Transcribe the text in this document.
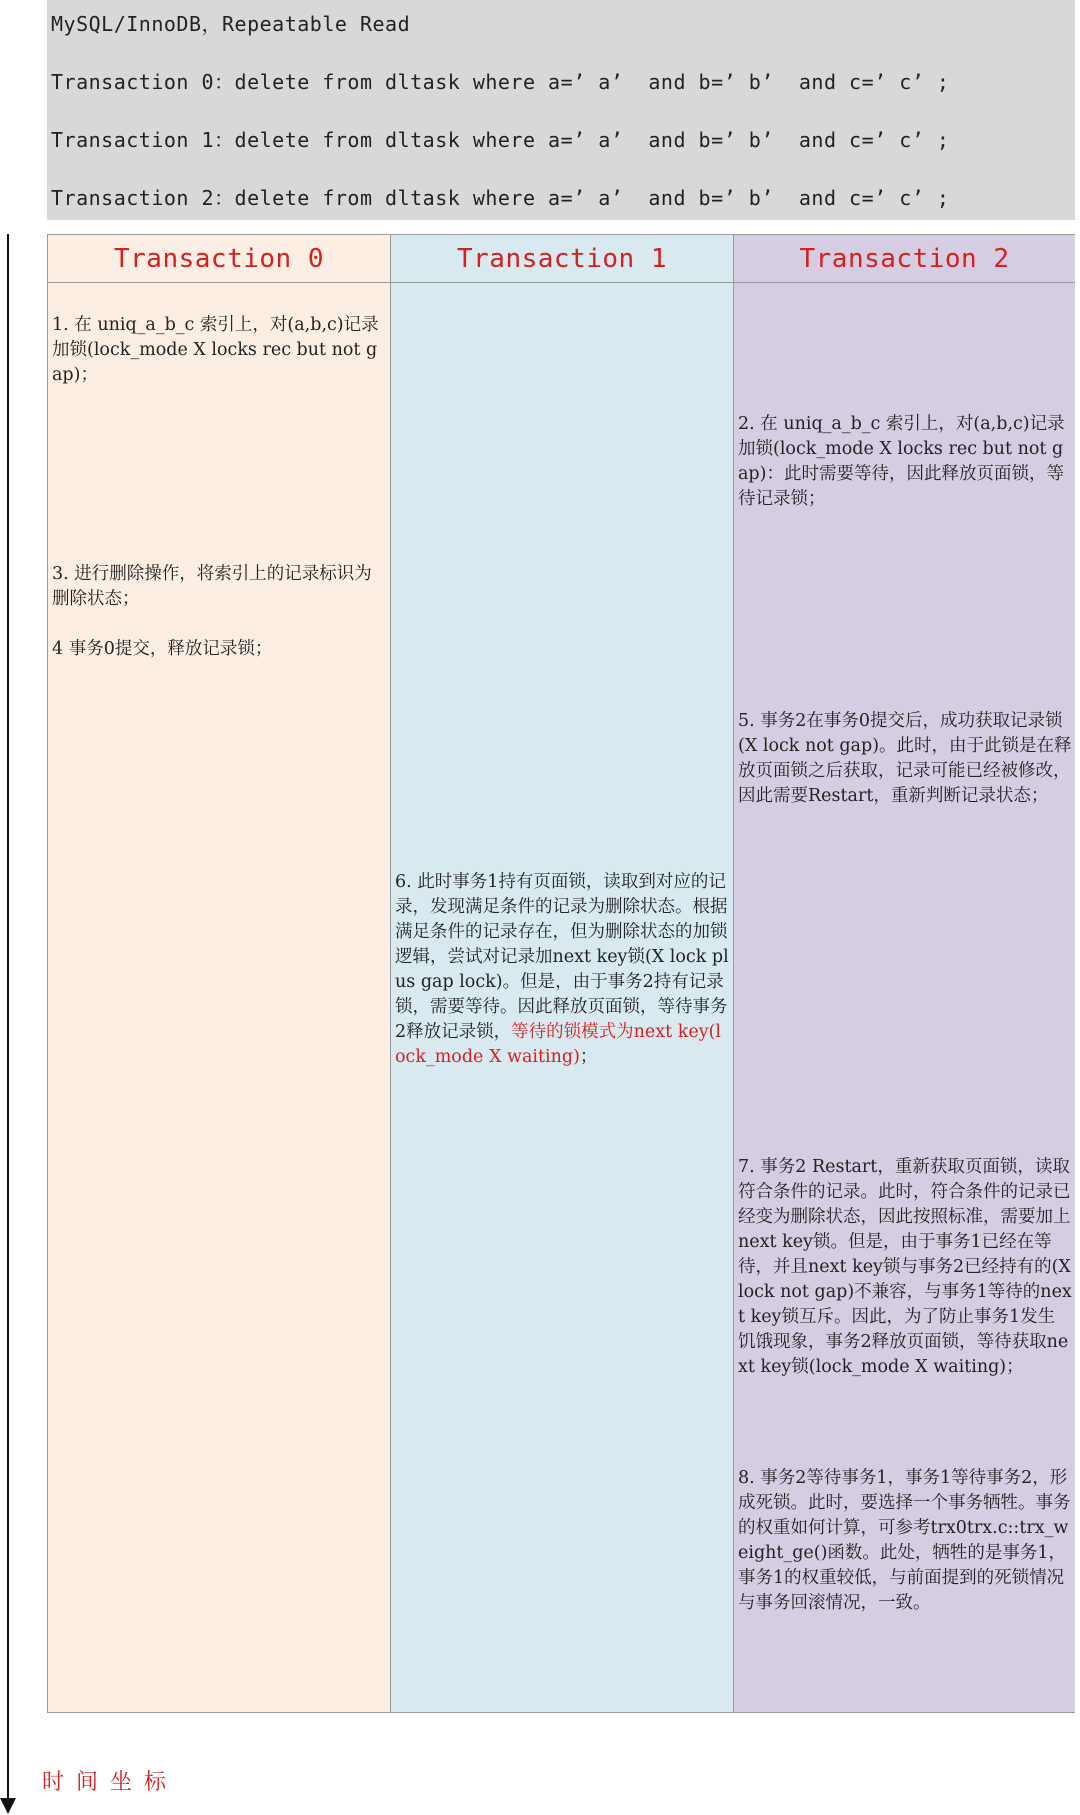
MySQL/InnoDB，Repeatable Read
Transaction 0：delete from dltask where a=’ a’  and b=’ b’  and c=’ c’ ;
Transaction 1：delete from dltask where a=’ a’  and b=’ b’  and c=’ c’ ;
Transaction 2：delete from dltask where a=’ a’  and b=’ b’  and c=’ c’ ;
时间坐标
Transaction 0
1. 在 uniq_a_b_c 索引上，对(a,b,c)记录加锁(lock_mode X locks rec but not gap)；
3. 进行删除操作，将索引上的记录标识为删除状态；
4 事务0提交，释放记录锁；
Transaction 1
6. 此时事务1持有页面锁，读取到对应的记录，发现满足条件的记录为删除状态。根据满足条件的记录存在，但为删除状态的加锁逻辑，尝试对记录加next key锁(X lock plus gap lock)。但是，由于事务2持有记录锁，需要等待。因此释放页面锁，等待事务2释放记录锁，等待的锁模式为next key(lock_mode X waiting)；
Transaction 2
2. 在 uniq_a_b_c 索引上，对(a,b,c)记录加锁(lock_mode X locks rec but not gap)：此时需要等待，因此释放页面锁，等待记录锁；
5. 事务2在事务0提交后，成功获取记录锁(X lock not gap)。此时，由于此锁是在释放页面锁之后获取，记录可能已经被修改，因此需要Restart，重新判断记录状态；
7. 事务2 Restart，重新获取页面锁，读取符合条件的记录。此时，符合条件的记录已经变为删除状态，因此按照标准，需要加上next key锁。但是，由于事务1已经在等待，并且next key锁与事务2已经持有的(X lock not gap)不兼容，与事务1等待的next key锁互斥。因此，为了防止事务1发生饥饿现象，事务2释放页面锁，等待获取next key锁(lock_mode X waiting)；
8. 事务2等待事务1，事务1等待事务2，形成死锁。此时，要选择一个事务牺牲。事务的权重如何计算，可参考trx0trx.c::trx_weight_ge()函数。此处，牺牲的是事务1，事务1的权重较低，与前面提到的死锁情况与事务回滚情况，一致。
